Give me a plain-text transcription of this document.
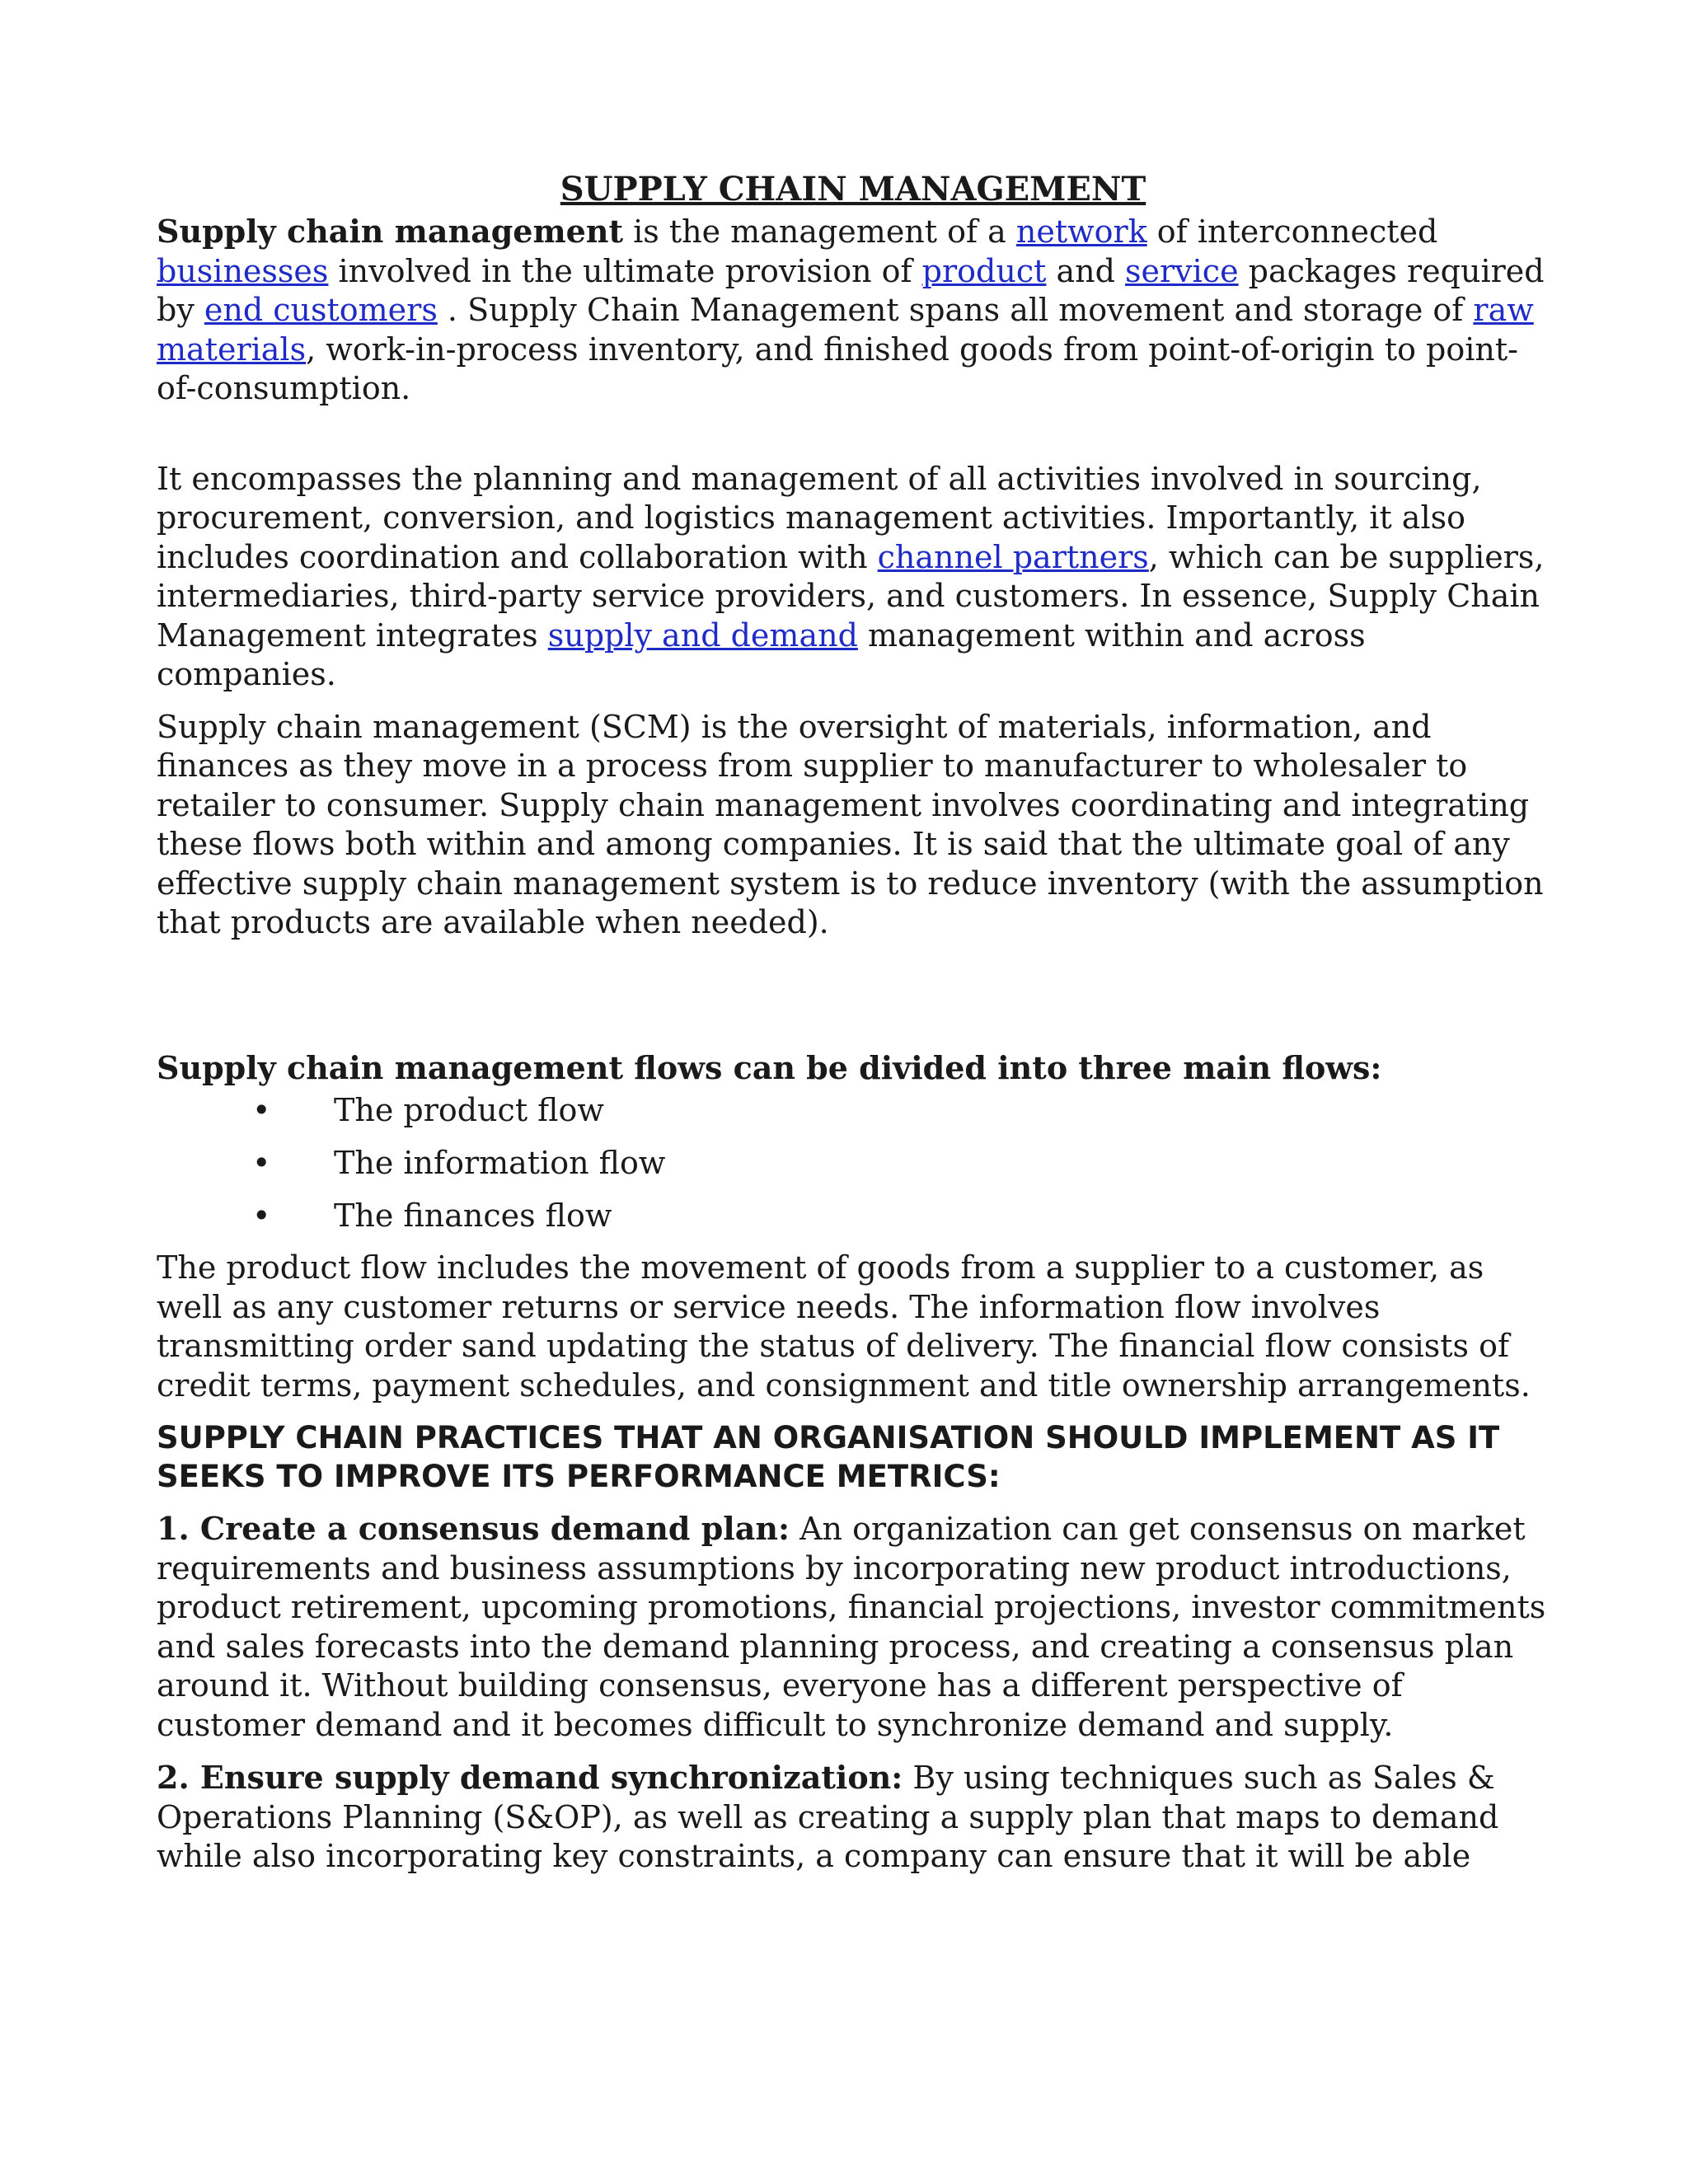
SUPPLY CHAIN MANAGEMENT

Supply chain management is the management of a network of interconnected businesses involved in the ultimate provision of product and service packages required by end customers . Supply Chain Management spans all movement and storage of raw materials, work-in-process inventory, and finished goods from point-of-origin to point-of-consumption.

It encompasses the planning and management of all activities involved in sourcing, procurement, conversion, and logistics management activities. Importantly, it also includes coordination and collaboration with channel partners, which can be suppliers, intermediaries, third-party service providers, and customers. In essence, Supply Chain Management integrates supply and demand management within and across companies.

Supply chain management (SCM) is the oversight of materials, information, and finances as they move in a process from supplier to manufacturer to wholesaler to retailer to consumer. Supply chain management involves coordinating and integrating these flows both within and among companies. It is said that the ultimate goal of any effective supply chain management system is to reduce inventory (with the assumption that products are available when needed).

Supply chain management flows can be divided into three main flows:

• The product flow
• The information flow
• The finances flow

The product flow includes the movement of goods from a supplier to a customer, as well as any customer returns or service needs. The information flow involves transmitting order sand updating the status of delivery. The financial flow consists of credit terms, payment schedules, and consignment and title ownership arrangements.

SUPPLY CHAIN PRACTICES THAT AN ORGANISATION SHOULD IMPLEMENT AS IT SEEKS TO IMPROVE ITS PERFORMANCE METRICS:

1. Create a consensus demand plan: An organization can get consensus on market requirements and business assumptions by incorporating new product introductions, product retirement, upcoming promotions, financial projections, investor commitments and sales forecasts into the demand planning process, and creating a consensus plan around it. Without building consensus, everyone has a different perspective of customer demand and it becomes difficult to synchronize demand and supply.

2. Ensure supply demand synchronization: By using techniques such as Sales & Operations Planning (S&OP), as well as creating a supply plan that maps to demand while also incorporating key constraints, a company can ensure that it will be able
